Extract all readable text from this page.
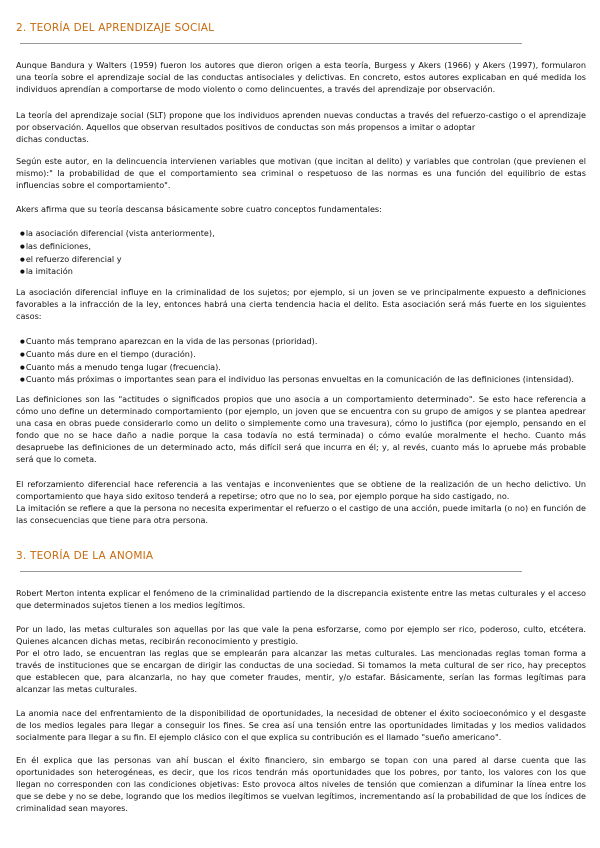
2. TEORÍA DEL APRENDIZAJE SOCIAL
Aunque Bandura y Walters (1959) fueron los autores que dieron origen a esta teoría, Burgess y Akers (1966) y Akers (1997), formularon una teoría sobre el aprendizaje social de las conductas antisociales y delictivas. En concreto, estos autores explicaban en qué medida los individuos aprendían a comportarse de modo violento o como delincuentes, a través del aprendizaje por observación.
La teoría del aprendizaje social (SLT) propone que los individuos aprenden nuevas conductas a través del refuerzo-castigo o el aprendizaje por observación. Aquellos que observan resultados positivos de conductas son más propensos a imitar o adoptar
dichas conductas.
Según este autor, en la delincuencia intervienen variables que motivan (que incitan al delito) y variables que controlan (que previenen el mismo):" la probabilidad de que el comportamiento sea criminal o respetuoso de las normas es una función del equilibrio de estas influencias sobre el comportamiento".
Akers afirma que su teoría descansa básicamente sobre cuatro conceptos fundamentales:
● la asociación diferencial (vista anteriormente),
● las definiciones,
● el refuerzo diferencial y
● la imitación
La asociación diferencial influye en la criminalidad de los sujetos; por ejemplo, si un joven se ve principalmente expuesto a definiciones favorables a la infracción de la ley, entonces habrá una cierta tendencia hacia el delito. Esta asociación será más fuerte en los siguientes casos:
● Cuanto más temprano aparezcan en la vida de las personas (prioridad).
● Cuanto más dure en el tiempo (duración).
● Cuanto más a menudo tenga lugar (frecuencia).
● Cuanto más próximas o importantes sean para el individuo las personas envueltas en la comunicación de las definiciones (intensidad).
Las definiciones son las "actitudes o significados propios que uno asocia a un comportamiento determinado". Se esto hace referencia a cómo uno define un determinado comportamiento (por ejemplo, un joven que se encuentra con su grupo de amigos y se plantea apedrear una casa en obras puede considerarlo como un delito o simplemente como una travesura), cómo lo justifica (por ejemplo, pensando en el fondo que no se hace daño a nadie porque la casa todavía no está terminada) o cómo evalúe moralmente el hecho. Cuanto más desapruebe las definiciones de un determinado acto, más difícil será que incurra en él; y, al revés, cuanto más lo apruebe más probable será que lo cometa.
El reforzamiento diferencial hace referencia a las ventajas e inconvenientes que se obtiene de la realización de un hecho delictivo. Un comportamiento que haya sido exitoso tenderá a repetirse; otro que no lo sea, por ejemplo porque ha sido castigado, no.
La imitación se refiere a que la persona no necesita experimentar el refuerzo o el castigo de una acción, puede imitarla (o no) en función de las consecuencias que tiene para otra persona.
3. TEORÍA DE LA ANOMIA
Robert Merton intenta explicar el fenómeno de la criminalidad partiendo de la discrepancia existente entre las metas culturales y el acceso que determinados sujetos tienen a los medios legítimos.
Por un lado, las metas culturales son aquellas por las que vale la pena esforzarse, como por ejemplo ser rico, poderoso, culto, etcétera. Quienes alcancen dichas metas, recibirán reconocimiento y prestigio.
Por el otro lado, se encuentran las reglas que se emplearán para alcanzar las metas culturales. Las mencionadas reglas toman forma a través de instituciones que se encargan de dirigir las conductas de una sociedad. Si tomamos la meta cultural de ser rico, hay preceptos que establecen que, para alcanzarla, no hay que cometer fraudes, mentir, y/o estafar. Básicamente, serían las formas legítimas para alcanzar las metas culturales.
La anomia nace del enfrentamiento de la disponibilidad de oportunidades, la necesidad de obtener el éxito socioeconómico y el desgaste de los medios legales para llegar a conseguir los fines. Se crea así una tensión entre las oportunidades limitadas y los medios validados socialmente para llegar a su fin. El ejemplo clásico con el que explica su contribución es el llamado "sueño americano".
En él explica que las personas van ahí buscan el éxito financiero, sin embargo se topan con una pared al darse cuenta que las oportunidades son heterogéneas, es decir, que los ricos tendrán más oportunidades que los pobres, por tanto, los valores con los que llegan no corresponden con las condiciones objetivas: Esto provoca altos niveles de tensión que comienzan a difuminar la línea entre los que se debe y no se debe, logrando que los medios ilegítimos se vuelvan legítimos, incrementando así la probabilidad de que los índices de criminalidad sean mayores.
